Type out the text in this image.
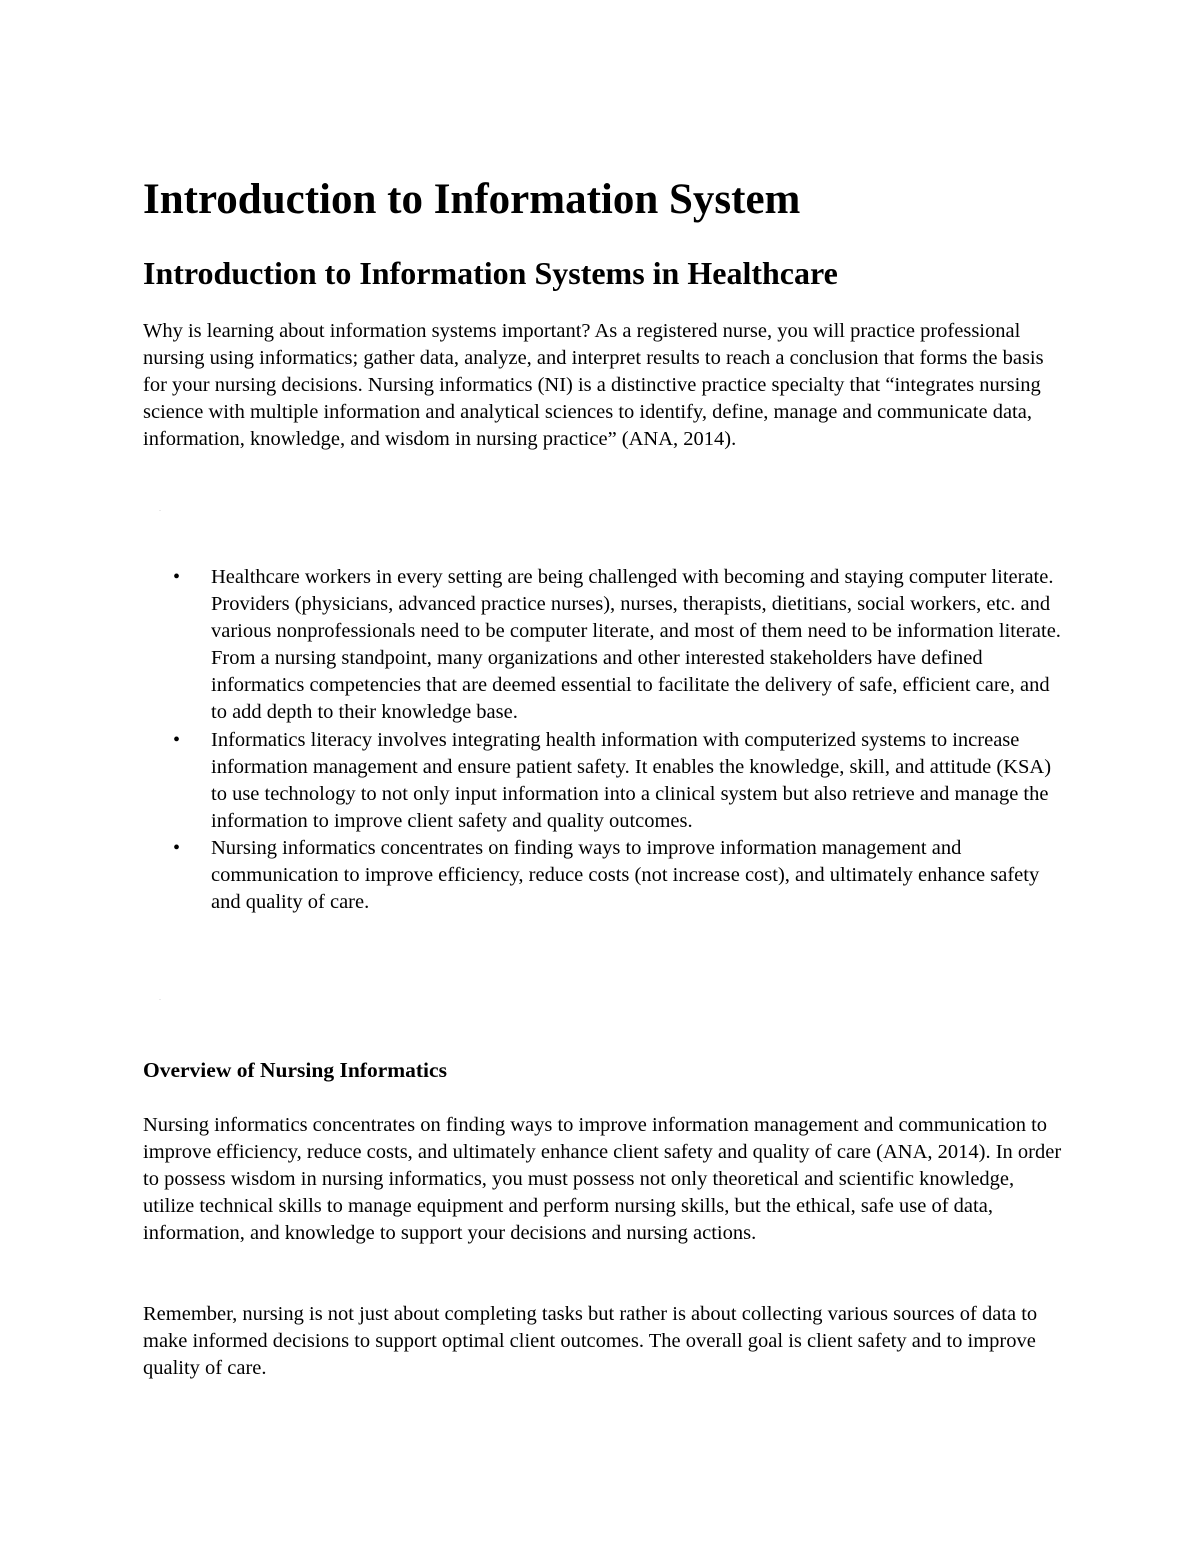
Introduction to Information System
Introduction to Information Systems in Healthcare

Why is learning about information systems important? As a registered nurse, you will practice professional nursing using informatics; gather data, analyze, and interpret results to reach a conclusion that forms the basis for your nursing decisions. Nursing informatics (NI) is a distinctive practice specialty that “integrates nursing science with multiple information and analytical sciences to identify, define, manage and communicate data, information, knowledge, and wisdom in nursing practice” (ANA, 2014).

.
• Healthcare workers in every setting are being challenged with becoming and staying computer literate. Providers (physicians, advanced practice nurses), nurses, therapists, dietitians, social workers, etc. and various nonprofessionals need to be computer literate, and most of them need to be information literate. From a nursing standpoint, many organizations and other interested stakeholders have defined informatics competencies that are deemed essential to facilitate the delivery of safe, efficient care, and to add depth to their knowledge base.
• Informatics literacy involves integrating health information with computerized systems to increase information management and ensure patient safety. It enables the knowledge, skill, and attitude (KSA) to use technology to not only input information into a clinical system but also retrieve and manage the information to improve client safety and quality outcomes.
• Nursing informatics concentrates on finding ways to improve information management and communication to improve efficiency, reduce costs (not increase cost), and ultimately enhance safety and quality of care.
.
Overview of Nursing Informatics

Nursing informatics concentrates on finding ways to improve information management and communication to improve efficiency, reduce costs, and ultimately enhance client safety and quality of care (ANA, 2014). In order to possess wisdom in nursing informatics, you must possess not only theoretical and scientific knowledge, utilize technical skills to manage equipment and perform nursing skills, but the ethical, safe use of data, information, and knowledge to support your decisions and nursing actions.

Remember, nursing is not just about completing tasks but rather is about collecting various sources of data to make informed decisions to support optimal client outcomes. The overall goal is client safety and to improve quality of care.
